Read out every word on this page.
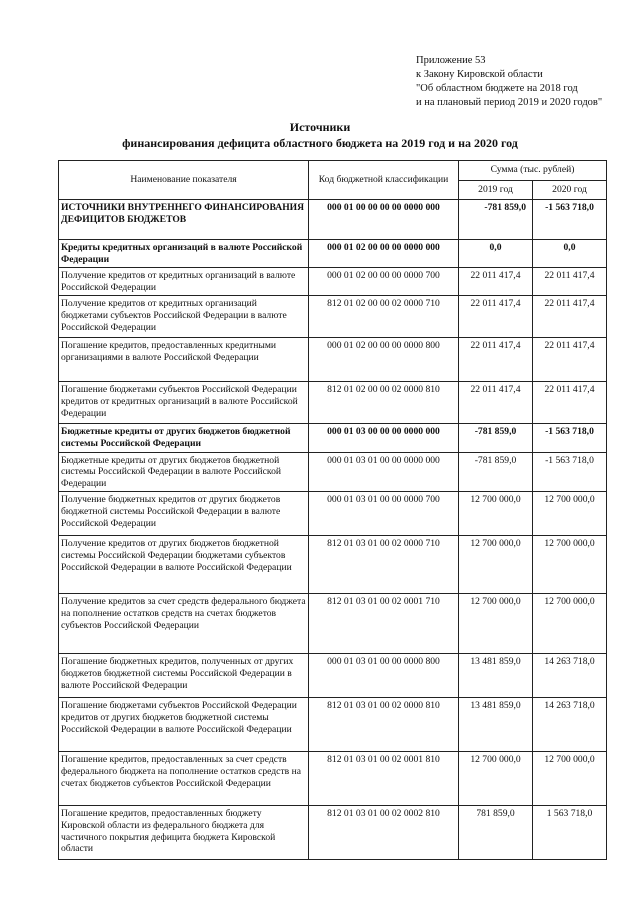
Приложение 53
к Закону Кировской области
"Об областном бюджете на 2018 год
и на плановый период 2019 и 2020 годов"
Источники
финансирования дефицита областного бюджета на 2019 год и на 2020 год
Наименование показателя	Код бюджетной классификации	Сумма (тыс. рублей)	
		2019 год	2020 год
ИСТОЧНИКИ ВНУТРЕННЕГО ФИНАНСИРОВАНИЯ ДЕФИЦИТОВ БЮДЖЕТОВ	000 01 00 00 00 00 0000 000	-781 859,0	-1 563 718,0
Кредиты кредитных организаций в валюте Российской Федерации	000 01 02 00 00 00 0000 000	0,0	0,0
Получение кредитов от кредитных организаций в валюте Российской Федерации	000 01 02 00 00 00 0000 700	22 011 417,4	22 011 417,4
Получение кредитов от кредитных организаций бюджетами субъектов Российской Федерации в валюте Российской Федерации	812 01 02 00 00 02 0000 710	22 011 417,4	22 011 417,4
Погашение кредитов, предоставленных кредитными организациями в валюте Российской Федерации	000 01 02 00 00 00 0000 800	22 011 417,4	22 011 417,4
Погашение бюджетами субъектов Российской Федерации кредитов от кредитных организаций в валюте Российской Федерации	812 01 02 00 00 02 0000 810	22 011 417,4	22 011 417,4
Бюджетные кредиты от других бюджетов бюджетной системы Российской Федерации	000 01 03 00 00 00 0000 000	-781 859,0	-1 563 718,0
Бюджетные кредиты от других бюджетов бюджетной системы Российской Федерации в валюте Российской Федерации	000 01 03 01 00 00 0000 000	-781 859,0	-1 563 718,0
Получение бюджетных кредитов от других бюджетов бюджетной системы Российской Федерации в валюте Российской Федерации	000 01 03 01 00 00 0000 700	12 700 000,0	12 700 000,0
Получение кредитов от других бюджетов бюджетной системы Российской Федерации бюджетами субъектов Российской Федерации в валюте Российской Федерации	812 01 03 01 00 02 0000 710	12 700 000,0	12 700 000,0
Получение кредитов за счет средств федерального бюджета на пополнение остатков средств на счетах бюджетов субъектов Российской Федерации	812 01 03 01 00 02 0001 710	12 700 000,0	12 700 000,0
Погашение бюджетных кредитов, полученных от других бюджетов бюджетной системы Российской Федерации в валюте Российской Федерации	000 01 03 01 00 00 0000 800	13 481 859,0	14 263 718,0
Погашение бюджетами субъектов Российской Федерации кредитов от других бюджетов бюджетной системы Российской Федерации в валюте Российской Федерации	812 01 03 01 00 02 0000 810	13 481 859,0	14 263 718,0
Погашение кредитов, предоставленных за счет средств федерального бюджета на пополнение остатков средств на счетах бюджетов субъектов Российской Федерации	812 01 03 01 00 02 0001 810	12 700 000,0	12 700 000,0
Погашение кредитов, предоставленных бюджету Кировской области из федерального бюджета для частичного покрытия дефицита бюджета Кировской области	812 01 03 01 00 02 0002 810	781 859,0	1 563 718,0
